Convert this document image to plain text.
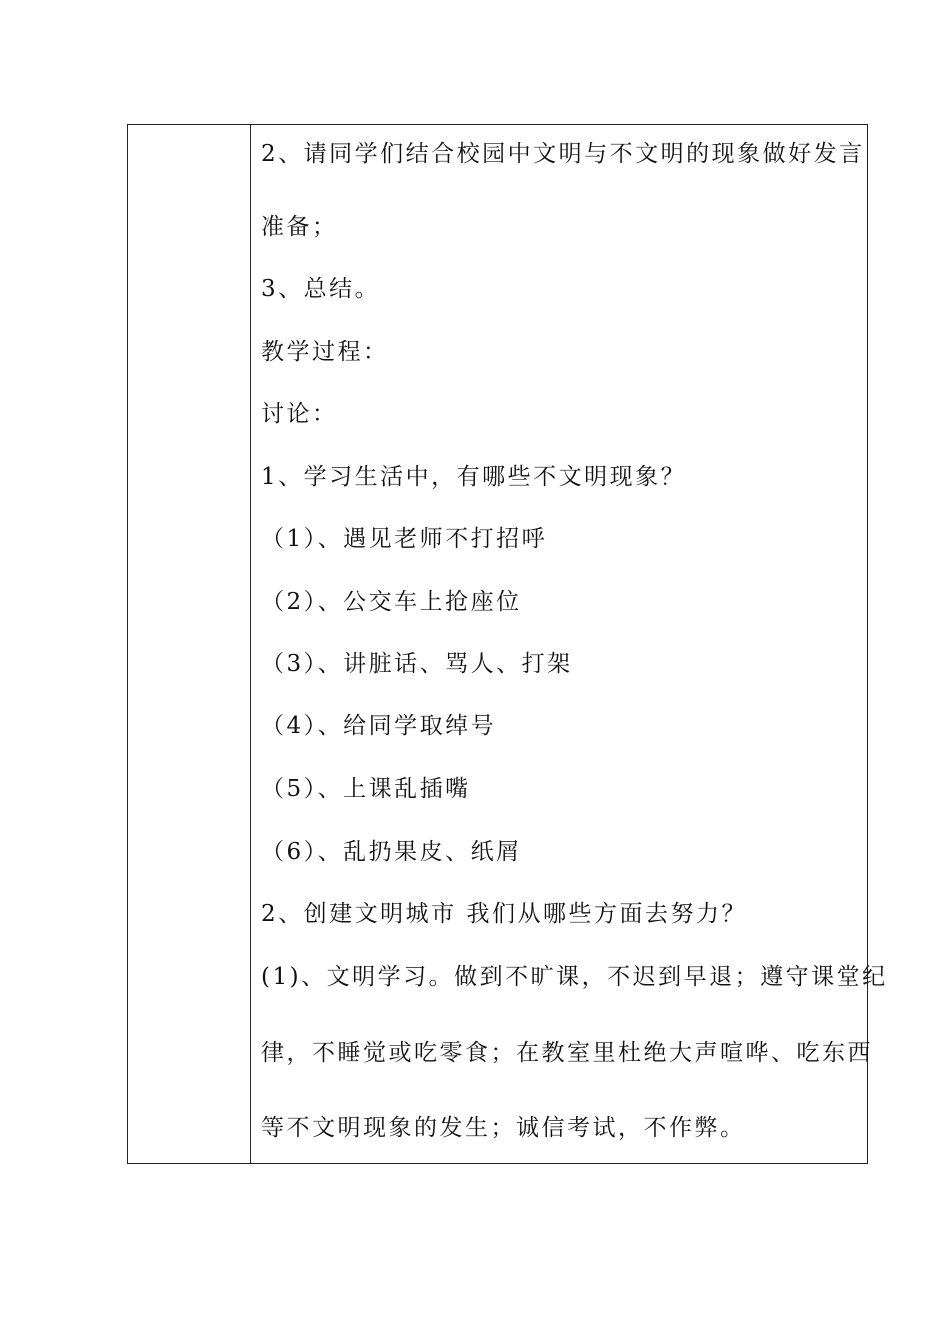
2、请同学们结合校园中文明与不文明的现象做好发言
准备；
3、总结。
教学过程：
讨论：
1、学习生活中，有哪些不文明现象？
（1）、遇见老师不打招呼
（2）、公交车上抢座位
（3）、讲脏话、骂人、打架
（4）、给同学取绰号
（5）、上课乱插嘴
（6）、乱扔果皮、纸屑
2、创建文明城市 我们从哪些方面去努力？
(1)、文明学习。做到不旷课，不迟到早退；遵守课堂纪
律，不睡觉或吃零食；在教室里杜绝大声喧哗、吃东西
等不文明现象的发生；诚信考试，不作弊。
